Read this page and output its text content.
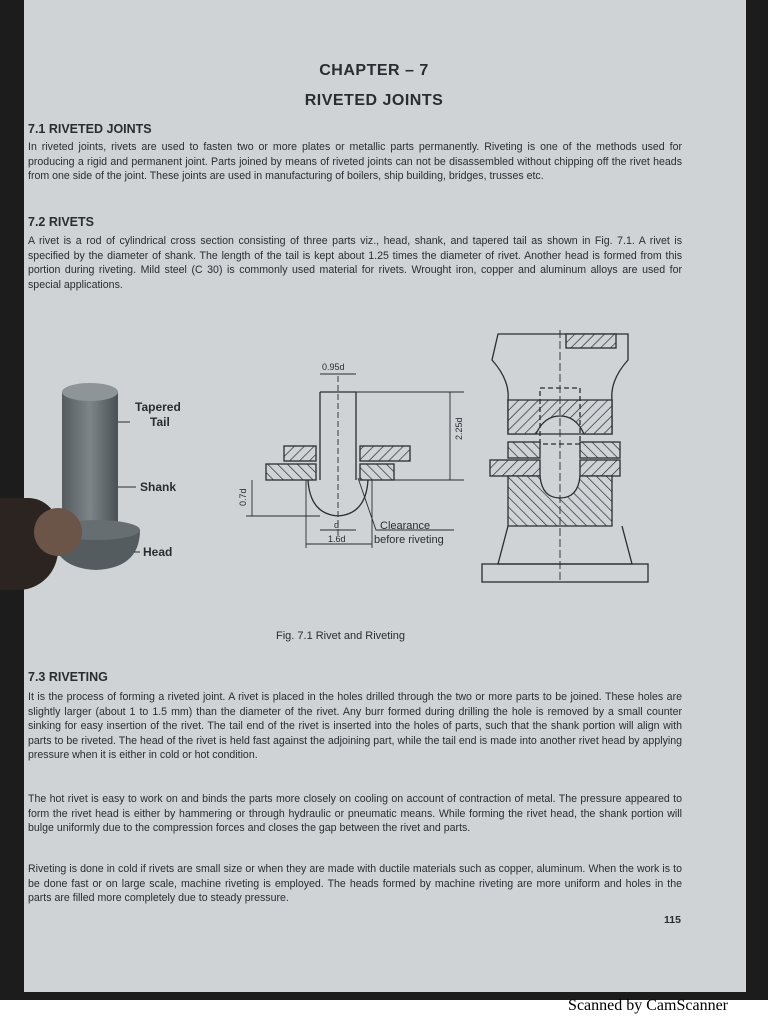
CHAPTER – 7
RIVETED JOINTS
7.1 RIVETED JOINTS

In riveted joints, rivets are used to fasten two or more plates or metallic parts permanently. Riveting is one of the methods used for producing a rigid and permanent joint. Parts joined by means of riveted joints can not be disassembled without chipping off the rivet heads from one side of the joint. These joints are used in manufacturing of boilers, ship building, bridges, trusses etc.

7.2 RIVETS

A rivet is a rod of cylindrical cross section consisting of three parts viz., head, shank, and tapered tail as shown in Fig. 7.1. A rivet is specified by the diameter of shank. The length of the tail is kept about 1.25 times the diameter of rivet. Another head is formed from this portion during riveting. Mild steel (C 30) is commonly used material for rivets. Wrought iron, copper and aluminum alloys are used for special applications.

Tapered
Tail
Shank
Head
0.95d
2.25d
0.7d
d
1.6d
Clearance
before riveting
Fig. 7.1 Rivet and Riveting
7.3 RIVETING

It is the process of forming a riveted joint. A rivet is placed in the holes drilled through the two or more parts to be joined. These holes are slightly larger (about 1 to 1.5 mm) than the diameter of the rivet. Any burr formed during drilling the hole is removed by a small counter sinking for easy insertion of the rivet. The tail end of the rivet is inserted into the holes of parts, such that the shank portion will align with parts to be riveted. The head of the rivet is held fast against the adjoining part, while the tail end is made into another rivet head by applying pressure when it is either in cold or hot condition.

The hot rivet is easy to work on and binds the parts more closely on cooling on account of contraction of metal. The pressure appeared to form the rivet head is either by hammering or through hydraulic or pneumatic means. While forming the rivet head, the shank portion will bulge uniformly due to the compression forces and closes the gap between the rivet and parts.

Riveting is done in cold if rivets are small size or when they are made with ductile materials such as copper, aluminum. When the work is to be done fast or on large scale, machine riveting is employed. The heads formed by machine riveting are more uniform and holes in the parts are filled more completely due to steady pressure.

115
Scanned by CamScanner
